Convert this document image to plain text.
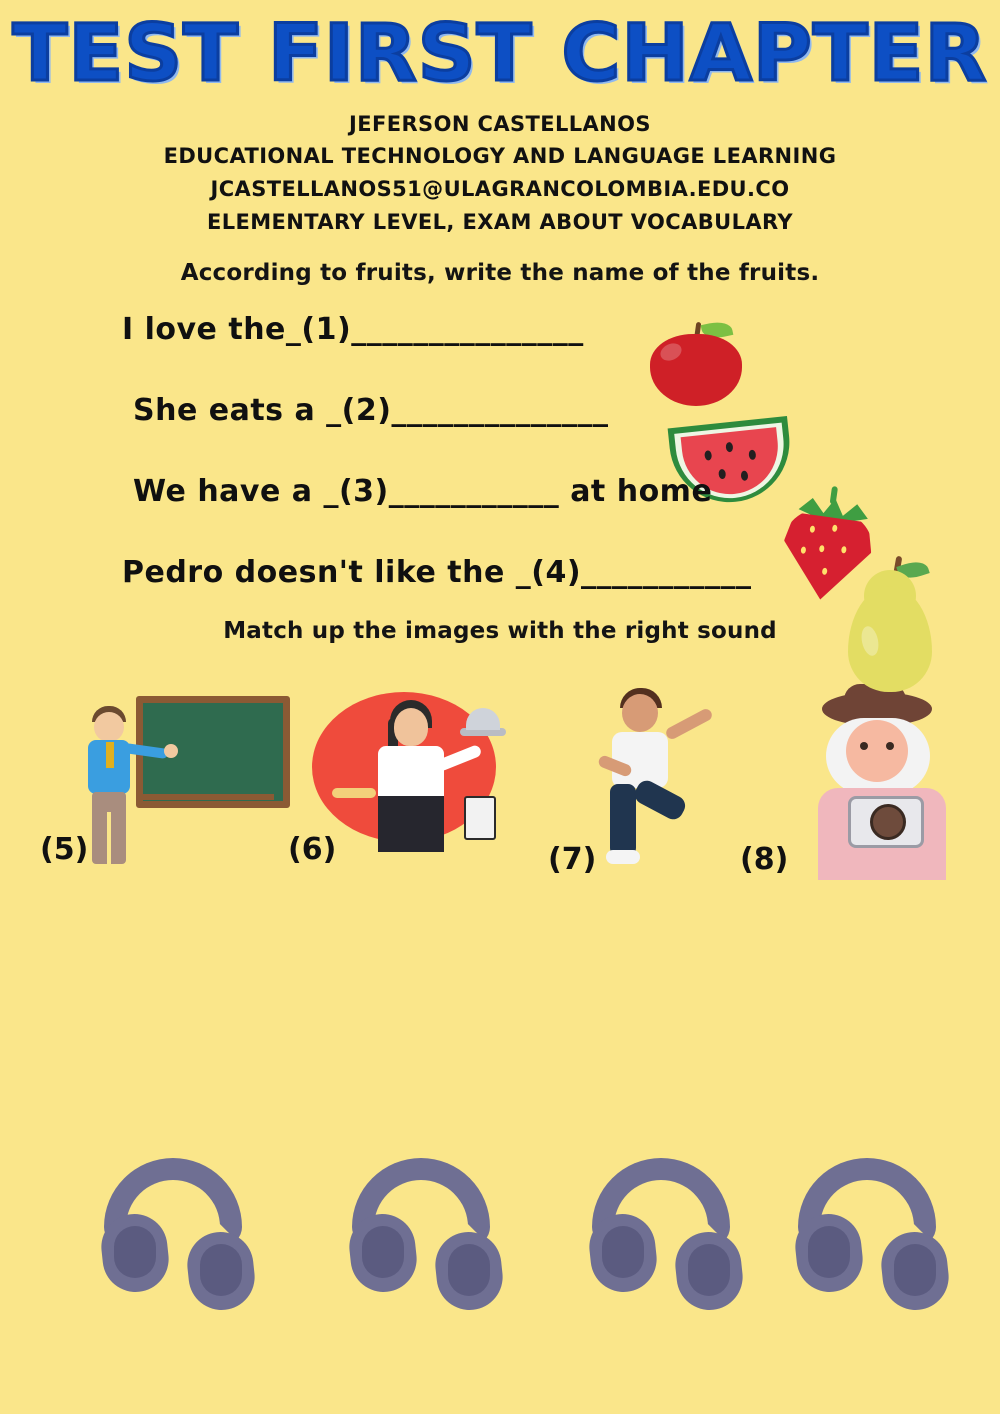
TEST FIRST CHAPTER
JEFERSON CASTELLANOS
EDUCATIONAL TECHNOLOGY AND LANGUAGE LEARNING
JCASTELLANOS51@ULAGRANCOLOMBIA.EDU.CO
ELEMENTARY LEVEL, EXAM ABOUT VOCABULARY
According to fruits, write the name of the fruits.
I love the_(1)_______________
She eats a _(2)______________
We have a _(3)___________ at home
Pedro doesn't like the _(4)___________
Match up the images with the right sound
(5)	(6)	(7)	(8)
